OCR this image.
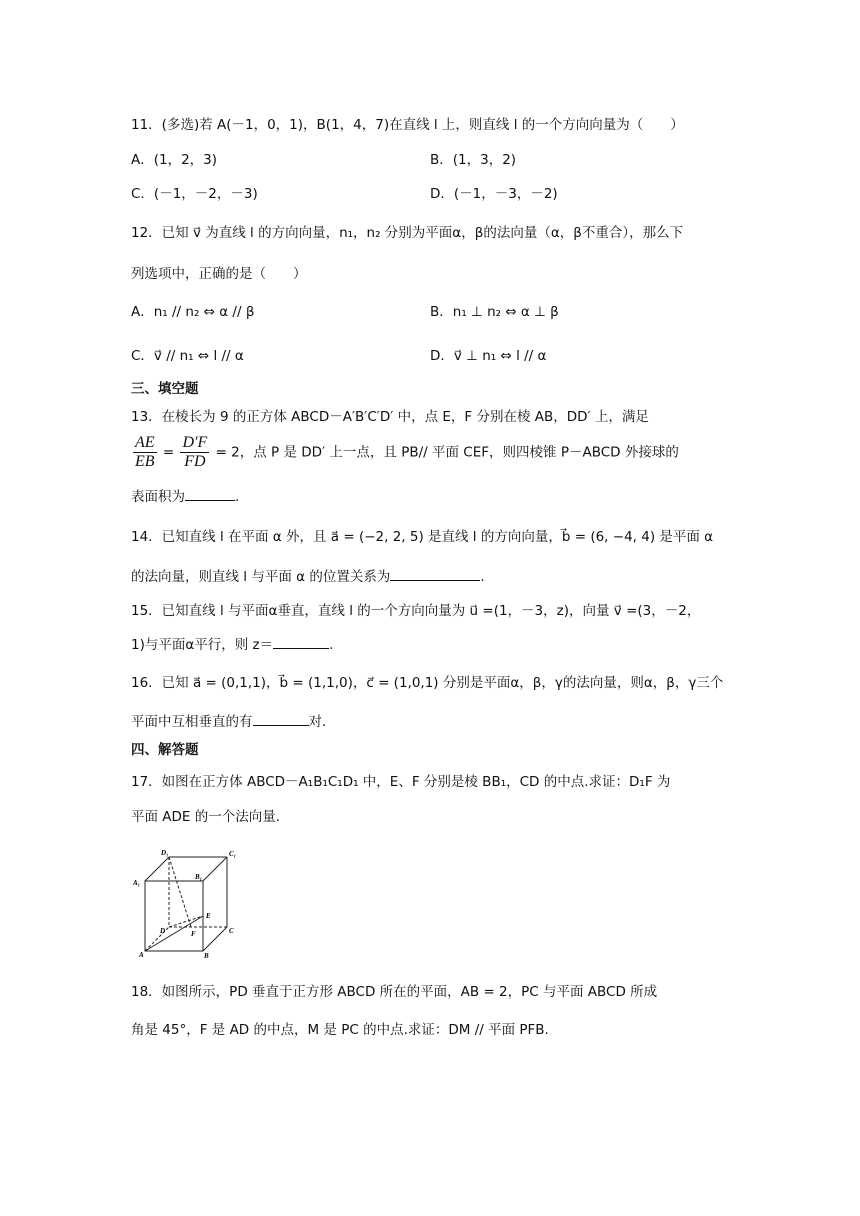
11．(多选)若 A(－1，0，1)，B(1，4，7)在直线 l 上，则直线 l 的一个方向向量为（　　）
A．(1，2，3)	B．(1，3，2)
C．(－1，－2，－3)	D．(－1，－3，－2)
12．已知 v⃗ 为直线 l 的方向向量，n₁，n₂ 分别为平面α，β的法向量（α，β不重合），那么下
列选项中，正确的是（　　）
A．n₁ // n₂ ⇔ α // β	B．n₁ ⊥ n₂ ⇔ α ⊥ β
C．v⃗ // n₁ ⇔ l // α	D．v⃗ ⊥ n₁ ⇔ l // α
三、填空题
13．在棱长为 9 的正方体 ABCD－A′B′C′D′ 中，点 E，F 分别在棱 AB，DD′ 上，满足
$\frac{AE}{EB} = \frac{D'F}{FD} = 2$，点 P 是 DD′ 上一点，且 PB// 平面 CEF，则四棱锥 P－ABCD 外接球的
表面积为	.
14．已知直线 l 在平面 α 外，且 a⃗ = (−2, 2, 5) 是直线 l 的方向向量，b⃗ = (6, −4, 4) 是平面 α
的法向量，则直线 l 与平面 α 的位置关系为	.
15．已知直线 l 与平面α垂直，直线 l 的一个方向向量为 u⃗ =(1，－3，z)，向量 v⃗ =(3，－2，
1)与平面α平行，则 z＝	.
16．已知 a⃗ = (0,1,1)，b⃗ = (1,1,0)，c⃗ = (1,0,1) 分别是平面α，β，γ的法向量，则α，β，γ三个
平面中互相垂直的有	对.
四、解答题
17．如图在正方体 ABCD－A₁B₁C₁D₁ 中，E、F 分别是棱 BB₁，CD 的中点.求证：D₁F 为
平面 ADE 的一个法向量.
D₁	C₁
A₁
B₁
D
E
F	C
A	B
18．如图所示，PD 垂直于正方形 ABCD 所在的平面，AB = 2，PC 与平面 ABCD 所成
角是 45°，F 是 AD 的中点，M 是 PC 的中点.求证：DM // 平面 PFB.
